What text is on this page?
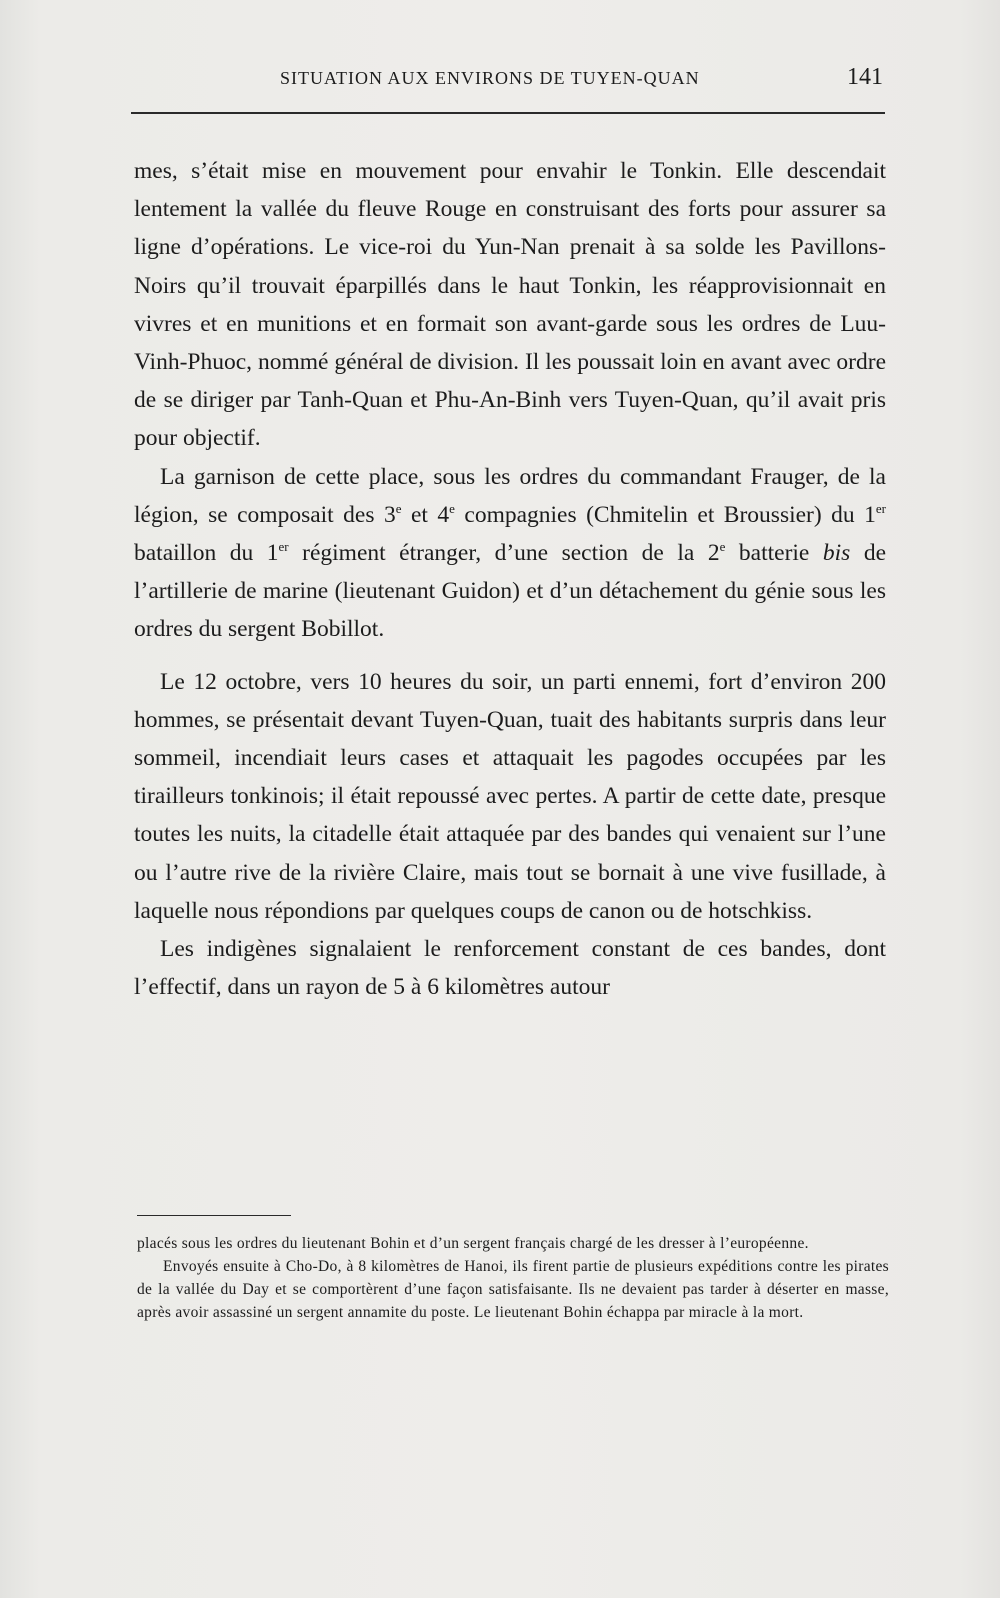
SITUATION AUX ENVIRONS DE TUYEN-QUAN	141

mes, s’était mise en mouvement pour envahir le Tonkin. Elle descendait lentement la vallée du fleuve Rouge en construisant des forts pour assurer sa ligne d’opérations. Le vice-roi du Yun-Nan prenait à sa solde les Pavillons-Noirs qu’il trouvait éparpillés dans le haut Tonkin, les réapprovisionnait en vivres et en munitions et en formait son avant-garde sous les ordres de Luu-Vinh-Phuoc, nommé général de division. Il les poussait loin en avant avec ordre de se diriger par Tanh-Quan et Phu-An-Binh vers Tuyen-Quan, qu’il avait pris pour objectif.

La garnison de cette place, sous les ordres du commandant Frauger, de la légion, se composait des 3e et 4e compagnies (Chmitelin et Broussier) du 1er bataillon du 1er régiment étranger, d’une section de la 2e batterie bis de l’artillerie de marine (lieutenant Guidon) et d’un détachement du génie sous les ordres du sergent Bobillot.

Le 12 octobre, vers 10 heures du soir, un parti ennemi, fort d’environ 200 hommes, se présentait devant Tuyen-Quan, tuait des habitants surpris dans leur sommeil, incendiait leurs cases et attaquait les pagodes occupées par les tirailleurs tonkinois; il était repoussé avec pertes. A partir de cette date, presque toutes les nuits, la citadelle était attaquée par des bandes qui venaient sur l’une ou l’autre rive de la rivière Claire, mais tout se bornait à une vive fusillade, à laquelle nous répondions par quelques coups de canon ou de hotschkiss.

Les indigènes signalaient le renforcement constant de ces bandes, dont l’effectif, dans un rayon de 5 à 6 kilomètres autour

placés sous les ordres du lieutenant Bohin et d’un sergent français chargé de les dresser à l’européenne.

Envoyés ensuite à Cho-Do, à 8 kilomètres de Hanoi, ils firent partie de plusieurs expéditions contre les pirates de la vallée du Day et se comportèrent d’une façon satisfaisante. Ils ne devaient pas tarder à déserter en masse, après avoir assassiné un sergent annamite du poste. Le lieutenant Bohin échappa par miracle à la mort.
